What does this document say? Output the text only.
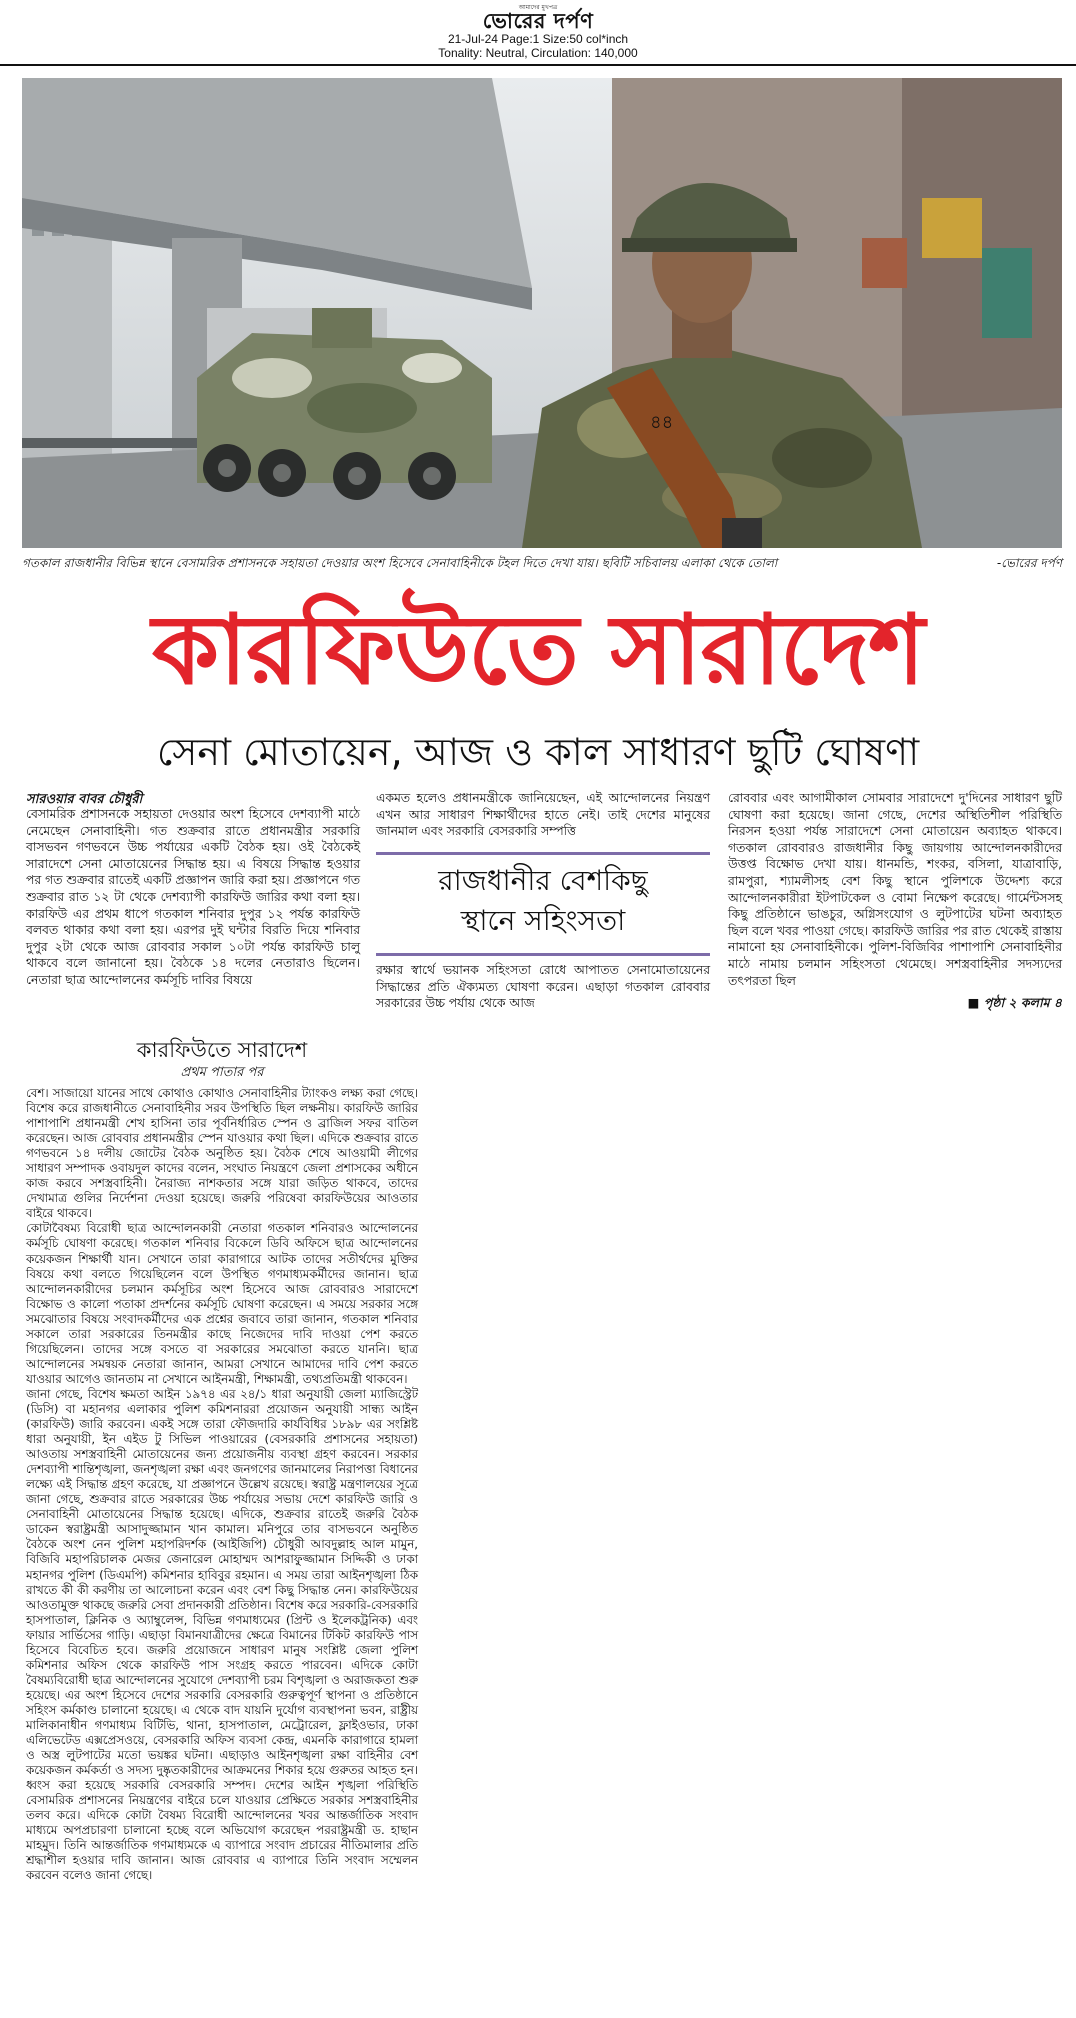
আমাদের মুখপত্র
ভোরের দর্পণ
21-Jul-24 Page:1 Size:50 col*inch
Tonality: Neutral, Circulation: 140,000
৪৪
গতকাল রাজধানীর বিভিন্ন স্থানে বেসামরিক প্রশাসনকে সহায়তা দেওয়ার অংশ হিসেবে সেনাবাহিনীকে টহল দিতে দেখা যায়। ছবিটি সচিবালয় এলাকা থেকে তোলা	-ভোরের দর্পণ
কারফিউতে সারাদেশ
সেনা মোতায়েন, আজ ও কাল সাধারণ ছুটি ঘোষণা
সারওয়ার বাবর চৌধুরী

বেসামরিক প্রশাসনকে সহায়তা দেওয়ার অংশ হিসেবে দেশব্যাপী মাঠে নেমেছেন সেনাবাহিনী। গত শুক্রবার রাতে প্রধানমন্ত্রীর সরকারি বাসভবন গণভবনে উচ্চ পর্যায়ের একটি বৈঠক হয়। ওই বৈঠকেই সারাদেশে সেনা মোতায়েনের সিদ্ধান্ত হয়। এ বিষয়ে সিদ্ধান্ত হওয়ার পর গত শুক্রবার রাতেই একটি প্রজ্ঞাপন জারি করা হয়। প্রজ্ঞাপনে গত শুক্রবার রাত ১২ টা থেকে দেশব্যাপী কারফিউ জারির কথা বলা হয়। কারফিউ এর প্রথম ধাপে গতকাল শনিবার দুপুর ১২ পর্যন্ত কারফিউ বলবত থাকার কথা বলা হয়। এরপর দুই ঘন্টার বিরতি দিয়ে শনিবার দুপুর ২টা থেকে আজ রোববার সকাল ১০টা পর্যন্ত কারফিউ চালু থাকবে বলে জানানো হয়। বৈঠকে ১৪ দলের নেতারাও ছিলেন। নেতারা ছাত্র আন্দোলনের কর্মসূচি দাবির বিষয়ে

একমত হলেও প্রধানমন্ত্রীকে জানিয়েছেন, এই আন্দোলনের নিয়ন্ত্রণ এখন আর সাধারণ শিক্ষার্থীদের হাতে নেই। তাই দেশের মানুষের জানমাল এবং সরকারি বেসরকারি সম্পত্তি

রাজধানীর বেশকিছু
স্থানে সহিংসতা

রক্ষার স্বার্থে ভয়ানক সহিংসতা রোধে আপাতত সেনামোতায়েনের সিদ্ধান্তের প্রতি ঐক্যমত্য ঘোষণা করেন। এছাড়া গতকাল রোববার সরকারের উচ্চ পর্যায় থেকে আজ

রোববার এবং আগামীকাল সোমবার সারাদেশে দু'দিনের সাধারণ ছুটি ঘোষণা করা হয়েছে। জানা গেছে, দেশের অস্থিতিশীল পরিস্থিতি নিরসন হওয়া পর্যন্ত সারাদেশে সেনা মোতায়েন অব্যাহত থাকবে। গতকাল রোববারও রাজধানীর কিছু জায়গায় আন্দোলনকারীদের উত্তপ্ত বিক্ষোভ দেখা যায়। ধানমন্ডি, শংকর, বসিলা, যাত্রাবাড়ি, রামপুরা, শ্যামলীসহ বেশ কিছু স্থানে পুলিশকে উদ্দেশ্য করে আন্দোলনকারীরা ইটপাটকেল ও বোমা নিক্ষেপ করেছে। গার্মেন্টসসহ কিছু প্রতিষ্ঠানে ভাঙচুর, অগ্নিসংযোগ ও লুটপাটের ঘটনা অব্যাহত ছিল বলে খবর পাওয়া গেছে। কারফিউ জারির পর রাত থেকেই রাস্তায় নামানো হয় সেনাবাহিনীকে। পুলিশ-বিজিবির পাশাপাশি সেনাবাহিনীর মাঠে নামায় চলমান সহিংসতা থেমেছে। সশস্ত্রবাহিনীর সদস্যদের তৎপরতা ছিল

■ পৃষ্ঠা ২ কলাম ৪
কারফিউতে সারাদেশ
প্রথম পাতার পর

বেশ। সাজায়ো যানের সাথে কোথাও কোথাও সেনাবাহিনীর ট্যাংকও লক্ষ্য করা গেছে। বিশেষ করে রাজধানীতে সেনাবাহিনীর সরব উপস্থিতি ছিল লক্ষনীয়। কারফিউ জারির পাশাপাশি প্রধানমন্ত্রী শেখ হাসিনা তার পূর্বনির্ধারিত স্পেন ও ব্রাজিল সফর বাতিল করেছেন। আজ রোববার প্রধানমন্ত্রীর স্পেন যাওয়ার কথা ছিল। এদিকে শুক্রবার রাতে গণভবনে ১৪ দলীয় জোটের বৈঠক অনুষ্ঠিত হয়। বৈঠক শেষে আওয়ামী লীগের সাধারণ সম্পাদক ওবায়দুল কাদের বলেন, সংঘাত নিয়ন্ত্রণে জেলা প্রশাসকের অধীনে কাজ করবে সশস্ত্রবাহিনী। নৈরাজ্য নাশকতার সঙ্গে যারা জড়িত থাকবে, তাদের দেখামাত্র গুলির নির্দেশনা দেওয়া হয়েছে। জরুরি পরিষেবা কারফিউয়ের আওতার বাইরে থাকবে।

কোটাবৈষম্য বিরোধী ছাত্র আন্দোলনকারী নেতারা গতকাল শনিবারও আন্দোলনের কর্মসূচি ঘোষণা করেছে। গতকাল শনিবার বিকেলে ডিবি অফিসে ছাত্র আন্দোলনের কয়েকজন শিক্ষার্থী যান। সেখানে তারা কারাগারে আটক তাদের সতীর্থদের মুক্তির বিষয়ে কথা বলতে গিয়েছিলেন বলে উপস্থিত গণমাধ্যমকর্মীদের জানান। ছাত্র আন্দোলনকারীদের চলমান কর্মসূচির অংশ হিসেবে আজ রোববারও সারাদেশে বিক্ষোভ ও কালো পতাকা প্রদর্শনের কর্মসূচি ঘোষণা করেছেন। এ সময়ে সরকার সঙ্গে সমঝোতার বিষয়ে সংবাদকর্মীদের এক প্রশ্নের জবাবে তারা জানান, গতকাল শনিবার সকালে তারা সরকারের তিনমন্ত্রীর কাছে নিজেদের দাবি দাওয়া পেশ করতে গিয়েছিলেন। তাদের সঙ্গে বসতে বা সরকারের সমঝোতা করতে যাননি। ছাত্র আন্দোলনের সমন্বয়ক নেতারা জানান, আমরা সেখানে আমাদের দাবি পেশ করতে যাওয়ার আগেও জানতাম না সেখানে আইনমন্ত্রী, শিক্ষামন্ত্রী, তথ্যপ্রতিমন্ত্রী থাকবেন।

জানা গেছে, বিশেষ ক্ষমতা আইন ১৯৭৪ এর ২৪/১ ধারা অনুযায়ী জেলা ম্যাজিস্ট্রেট (ডিসি) বা মহানগর এলাকার পুলিশ কমিশনাররা প্রয়োজন অনুযায়ী সান্ধ্য আইন (কারফিউ) জারি করবেন। একই সঙ্গে তারা ফৌজদারি কার্যবিধির ১৮৯৮ এর সংশ্লিষ্ট ধারা অনুযায়ী, ইন এইড টু সিভিল পাওয়ারের (বেসরকারি প্রশাসনের সহায়তা) আওতায় সশস্ত্রবাহিনী মোতায়েনের জন্য প্রয়োজনীয় ব্যবস্থা গ্রহণ করবেন। সরকার দেশব্যাপী শান্তিশৃঙ্খলা, জনশৃঙ্খলা রক্ষা এবং জনগণের জানমালের নিরাপত্তা বিধানের লক্ষ্যে এই সিদ্ধান্ত গ্রহণ করেছে, যা প্রজ্ঞাপনে উল্লেখ রয়েছে। স্বরাষ্ট্র মন্ত্রণালয়ের সূত্রে জানা গেছে, শুক্রবার রাতে সরকারের উচ্চ পর্যায়ের সভায় দেশে কারফিউ জারি ও সেনাবাহিনী মোতায়েনের সিদ্ধান্ত হয়েছে। এদিকে, শুক্রবার রাতেই জরুরি বৈঠক ডাকেন স্বরাষ্ট্রমন্ত্রী আসাদুজ্জামান খান কামাল। মনিপুরে তার বাসভবনে অনুষ্ঠিত বৈঠকে অংশ নেন পুলিশ মহাপরিদর্শক (আইজিপি) চৌধুরী আবদুল্লাহ আল মামুন, বিজিবি মহাপরিচালক মেজর জেনারেল মোহাম্মদ আশরাফুজ্জামান সিদ্দিকী ও ঢাকা মহানগর পুলিশ (ডিএমপি) কমিশনার হাবিবুর রহমান। এ সময় তারা আইনশৃঙ্খলা ঠিক রাখতে কী কী করণীয় তা আলোচনা করেন এবং বেশ কিছু সিদ্ধান্ত নেন। কারফিউয়ের আওতামুক্ত থাকছে জরুরি সেবা প্রদানকারী প্রতিষ্ঠান। বিশেষ করে সরকারি-বেসরকারি হাসপাতাল, ক্লিনিক ও অ্যাম্বুলেন্স, বিভিন্ন গণমাধ্যমের (প্রিন্ট ও ইলেকট্রনিক) এবং ফায়ার সার্ভিসের গাড়ি। এছাড়া বিমানযাত্রীদের ক্ষেত্রে বিমানের টিকিট কারফিউ পাস হিসেবে বিবেচিত হবে। জরুরি প্রয়োজনে সাধারণ মানুষ সংশ্লিষ্ট জেলা পুলিশ কমিশনার অফিস থেকে কারফিউ পাস সংগ্রহ করতে পারবেন। এদিকে কোটা বৈষম্যবিরোধী ছাত্র আন্দোলনের সুযোগে দেশব্যাপী চরম বিশৃঙ্খলা ও অরাজকতা শুরু হয়েছে। এর অংশ হিসেবে দেশের সরকারি বেসরকারি গুরুত্বপূর্ণ স্থাপনা ও প্রতিষ্ঠানে সহিংস কর্মকাণ্ড চালানো হয়েছে। এ থেকে বাদ যায়নি দুর্যোগ ব্যবস্থাপনা ভবন, রাষ্ট্রীয় মালিকানাধীন গণমাধ্যম বিটিভি, থানা, হাসপাতাল, মেট্রোরেল, ফ্লাইওভার, ঢাকা এলিভেটেড এক্সপ্রেসওয়ে, বেসরকারি অফিস ব্যবসা কেন্দ্র, এমনকি কারাগারে হামলা ও অস্ত্র লুটপাটের মতো ভয়ঙ্কর ঘটনা। এছাড়াও আইনশৃঙ্খলা রক্ষা বাহিনীর বেশ কয়েকজন কর্মকর্তা ও সদস্য দুষ্কৃতকারীদের আক্রমনের শিকার হয়ে গুরুতর আহত হন। ধ্বংস করা হয়েছে সরকারি বেসরকারি সম্পদ। দেশের আইন শৃঙ্খলা পরিস্থিতি বেসামরিক প্রশাসনের নিয়ন্ত্রণের বাইরে চলে যাওয়ার প্রেক্ষিতে সরকার সশস্ত্রবাহিনীর তলব করে। এদিকে কোটা বৈষম্য বিরোধী আন্দোলনের খবর আন্তর্জাতিক সংবাদ মাধ্যমে অপপ্রচারণা চালানো হচ্ছে বলে অভিযোগ করেছেন পররাষ্ট্রমন্ত্রী ড. হাছান মাহমুদ। তিনি আন্তর্জাতিক গণমাধ্যমকে এ ব্যাপারে সংবাদ প্রচারের নীতিমালার প্রতি শ্রদ্ধাশীল হওয়ার দাবি জানান। আজ রোববার এ ব্যাপারে তিনি সংবাদ সম্মেলন করবেন বলেও জানা গেছে।
